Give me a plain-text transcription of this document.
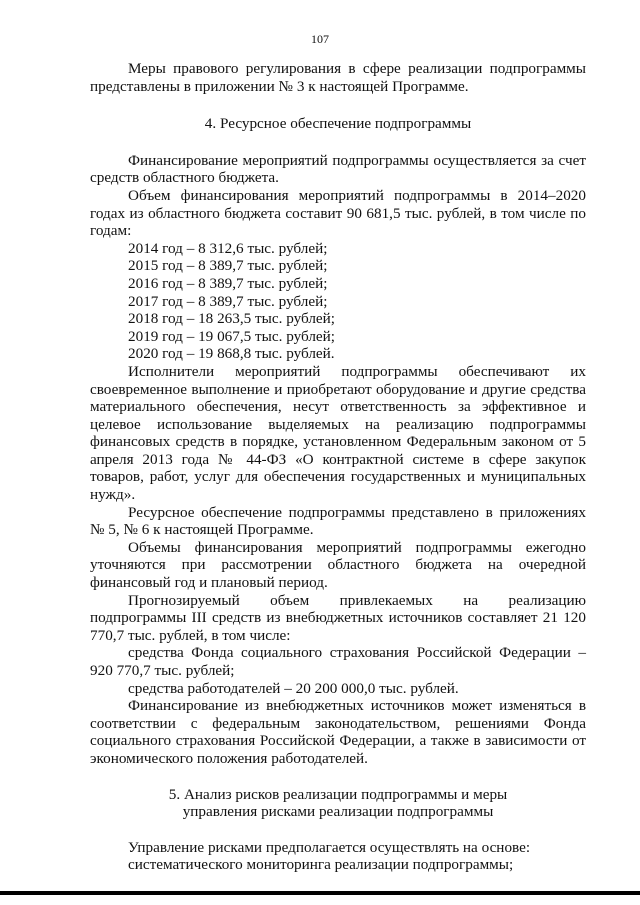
107

Меры правового регулирования в сфере реализации подпрограммы представлены в приложении № 3 к настоящей Программе.

4. Ресурсное обеспечение подпрограммы

Финансирование мероприятий подпрограммы осуществляется за счет средств областного бюджета.

Объем финансирования мероприятий подпрограммы в 2014–2020 годах из областного бюджета составит 90 681,5 тыс. рублей, в том числе по годам:

2014 год – 8 312,6 тыс. рублей;

2015 год – 8 389,7 тыс. рублей;

2016 год – 8 389,7 тыс. рублей;

2017 год – 8 389,7 тыс. рублей;

2018 год – 18 263,5 тыс. рублей;

2019 год – 19 067,5 тыс. рублей;

2020 год – 19 868,8 тыс. рублей.

Исполнители мероприятий подпрограммы обеспечивают их своевременное выполнение и приобретают оборудование и другие средства материального обеспечения, несут ответственность за эффективное и целевое использование выделяемых на реализацию подпрограммы финансовых средств в порядке, установленном Федеральным законом от 5 апреля 2013 года № 44-ФЗ «О контрактной системе в сфере закупок товаров, работ, услуг для обеспечения государственных и муниципальных нужд».

Ресурсное обеспечение подпрограммы представлено в приложениях № 5, № 6 к настоящей Программе.

Объемы финансирования мероприятий подпрограммы ежегодно уточняются при рассмотрении областного бюджета на очередной финансовый год и плановый период.

Прогнозируемый объем привлекаемых на реализацию

подпрограммы III средств из внебюджетных источников составляет 21 120 770,7 тыс. рублей, в том числе:

средства Фонда социального страхования Российской Федерации – 920 770,7 тыс. рублей;

средства работодателей – 20 200 000,0 тыс. рублей.

Финансирование из внебюджетных источников может изменяться в соответствии с федеральным законодательством, решениями Фонда социального страхования Российской Федерации, а также в зависимости от экономического положения работодателей.

5. Анализ рисков реализации подпрограммы и меры

управления рисками реализации подпрограммы

Управление рисками предполагается осуществлять на основе:

систематического мониторинга реализации подпрограммы;
